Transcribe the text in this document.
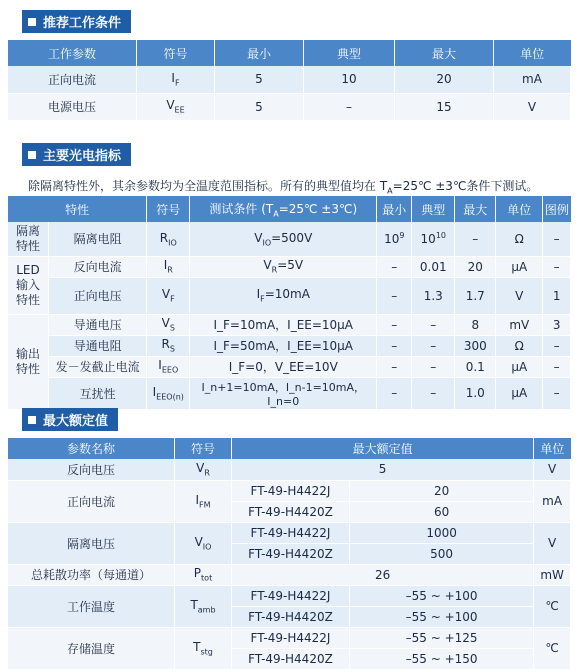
推荐工作条件
工作参数	符号	最小	典型	最大	单位
正向电流	$I_F$	5	10	20	mA
电源电压	$V_{EE}$	5	–	15	V
主要光电指标
除隔离特性外，其余参数均为全温度范围指标。所有的典型值均在 $T_A=25℃$ ±3℃条件下测试。
特性		符号	测试条件 ($T_A=25℃$ ±3℃)	最小	典型	最大	单位	图例

隔离特性	隔离电阻	$R_{IO}$	$V_{IO}=500V$	$10^9$	$10^{10}$	–	Ω	–

LED输入特性	反向电流	$I_R$	$V_R=5V$	–	0.01	20	μA	–
	正向电压	$V_F$	$I_F=10mA$	–	1.3	1.7	V	1

输出特性	导通电压	$V_S$	I_F=10mA，I_EE=10μA	–	–	8	mV	3
	导通电阻	$R_S$	I_F=50mA，I_EE=10μA	–	–	300	Ω	–
	发－发截止电流	$I_{EEO}$	I_F=0，V_EE=10V	–	–	0.1	μA	–
	互扰性	$I_{EEO(n)}$	I_n+1=10mA，I_n-1=10mA，I_n=0	–	–	1.0	μA	–
最大额定值
参数名称	符号	最大额定值		单位
反向电压	$V_R$	5		V
正向电流	$I_{FM}$	FT-49-H4422J	20	mA
		FT-49-H4420Z	60	
隔离电压	$V_{IO}$	FT-49-H4422J	1000	V
		FT-49-H4420Z	500	
总耗散功率（每通道）	$P_{tot}$	26		mW
工作温度	$T_{amb}$	FT-49-H4422J	–55 ~ +100	℃
		FT-49-H4420Z	–55 ~ +100	
存储温度	$T_{stg}$	FT-49-H4422J	–55 ~ +125	℃
		FT-49-H4420Z	–55 ~ +150	
